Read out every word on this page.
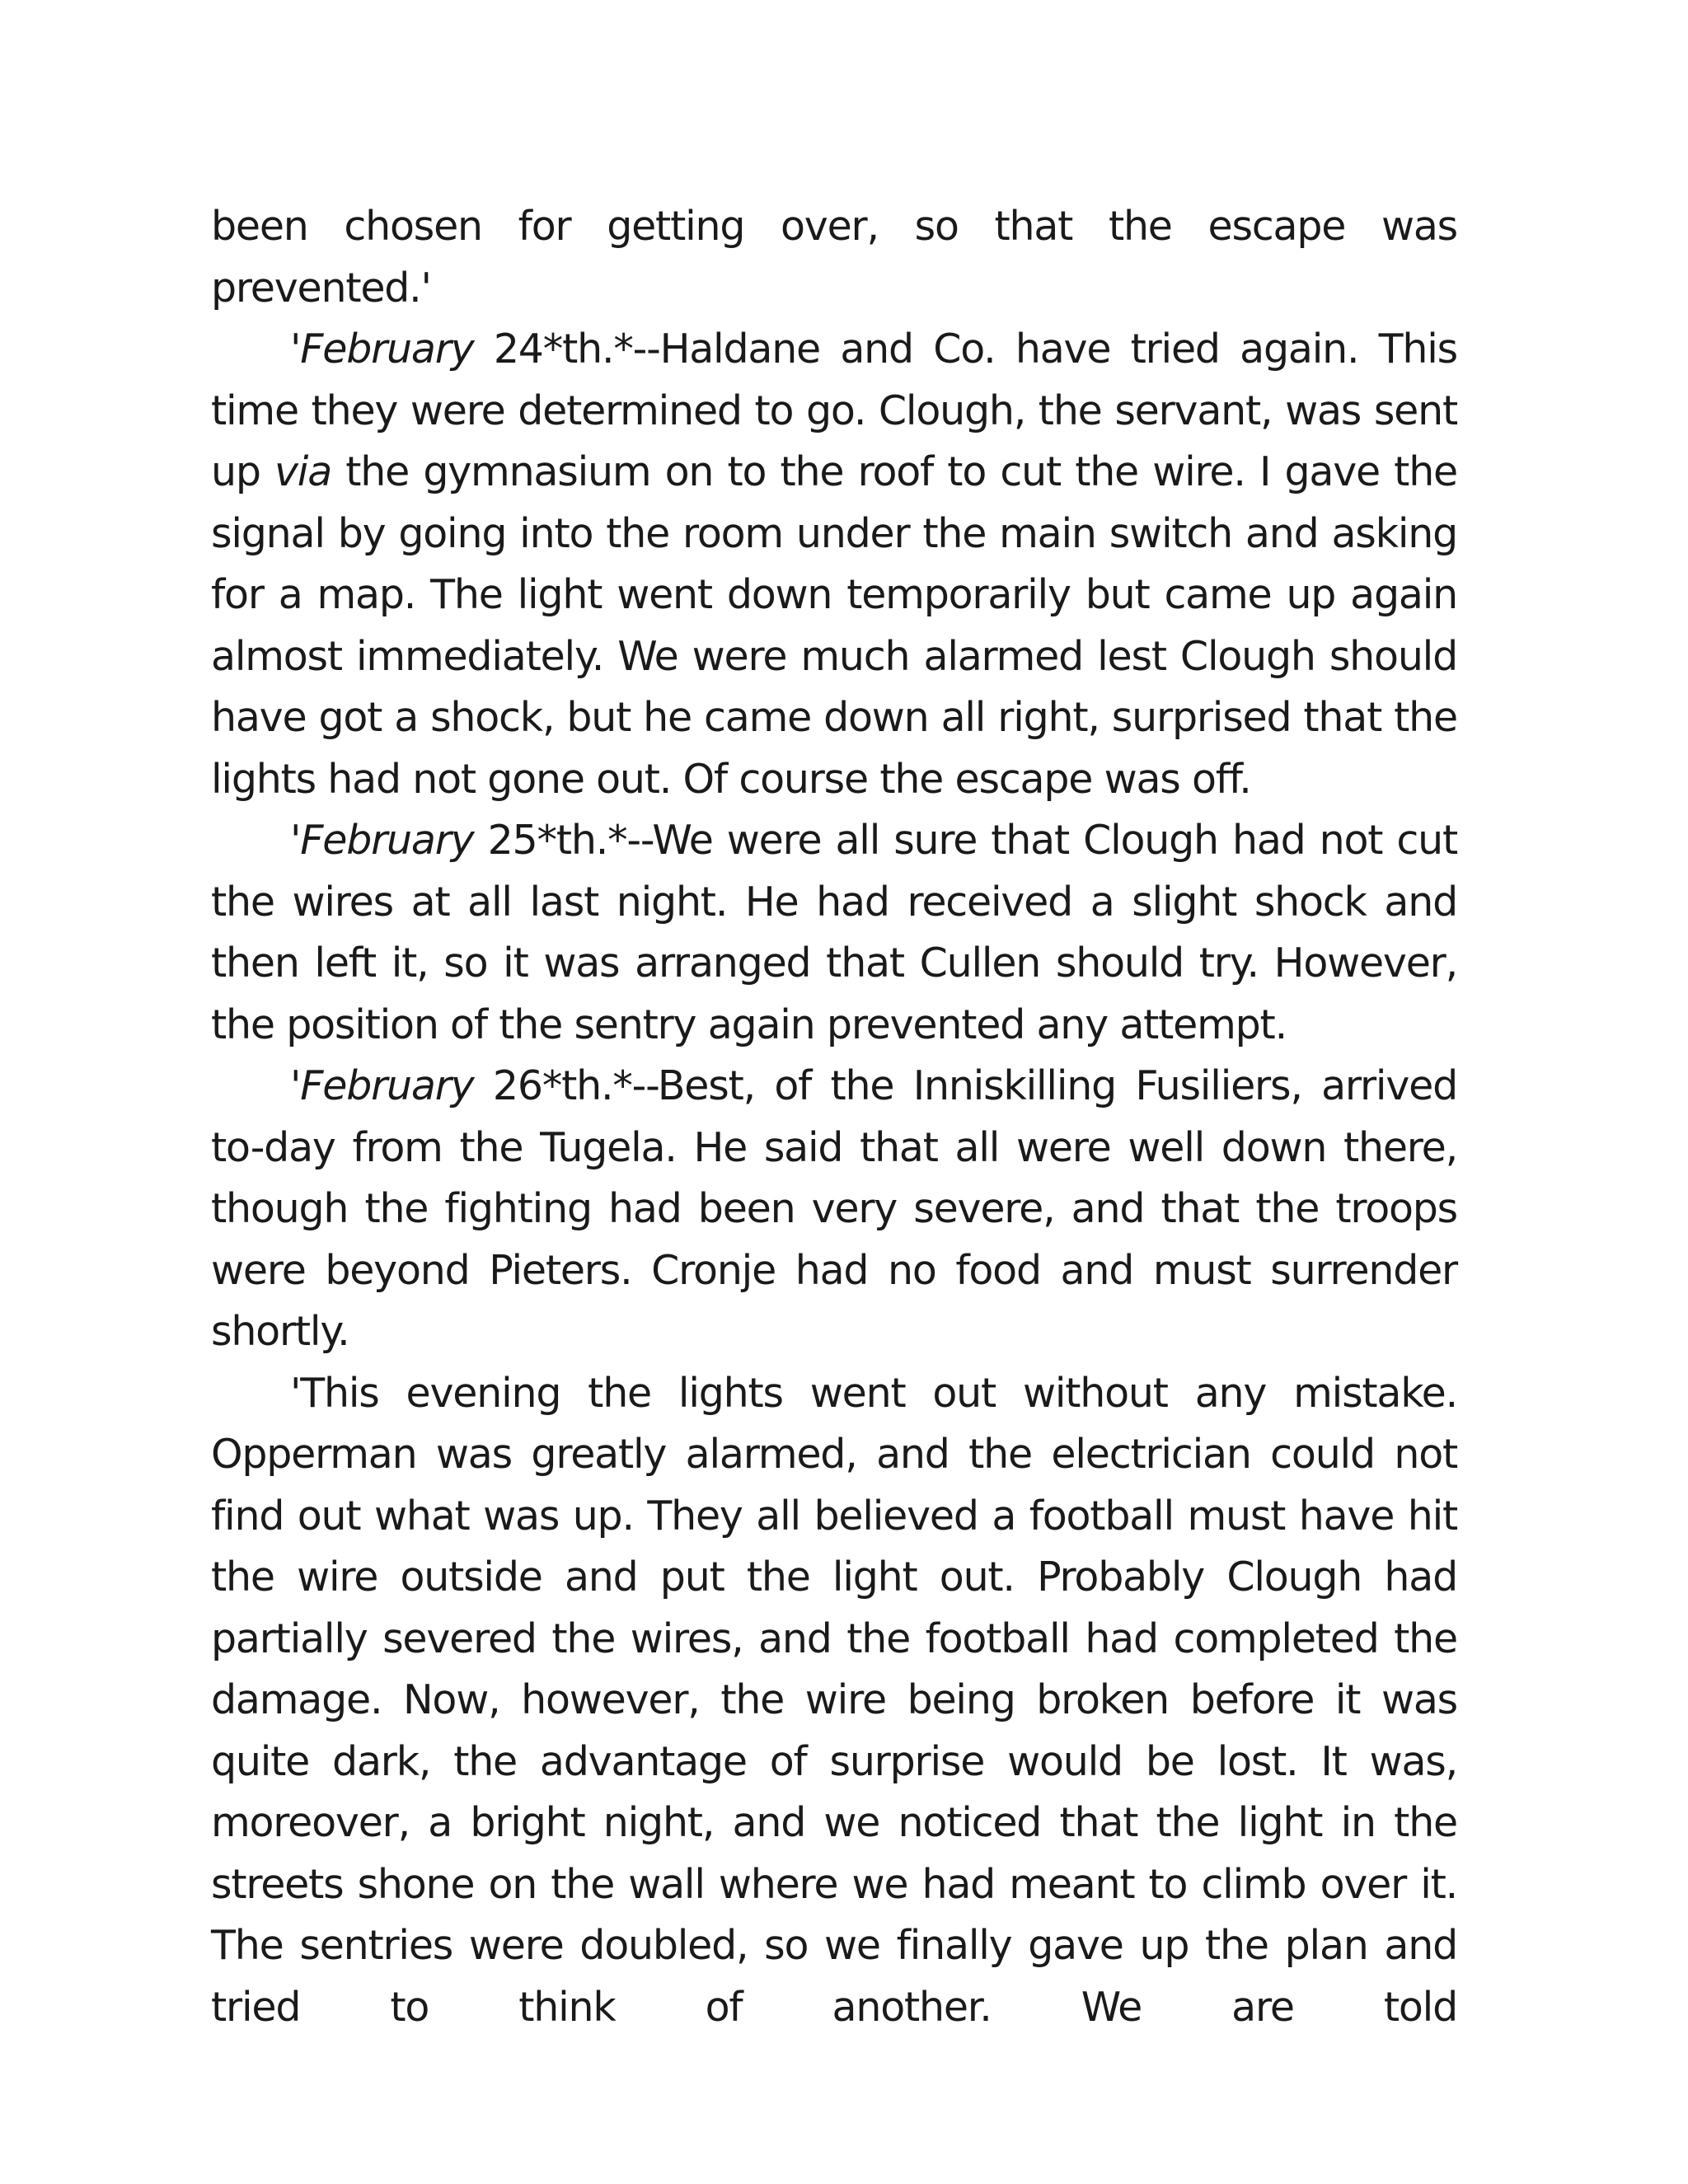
been chosen for getting over, so that the escape was prevented.'

'February 24*th.*--Haldane and Co. have tried again. This time they were determined to go. Clough, the servant, was sent up via the gymnasium on to the roof to cut the wire. I gave the signal by going into the room under the main switch and asking for a map. The light went down temporarily but came up again almost immediately. We were much alarmed lest Clough should have got a shock, but he came down all right, surprised that the lights had not gone out. Of course the escape was off.

'February 25*th.*--We were all sure that Clough had not cut the wires at all last night. He had received a slight shock and then left it, so it was arranged that Cullen should try. However, the position of the sentry again prevented any attempt.

'February 26*th.*--Best, of the Inniskilling Fusiliers, arrived to-day from the Tugela. He said that all were well down there, though the fighting had been very severe, and that the troops were beyond Pieters. Cronje had no food and must surrender shortly.

'This evening the lights went out without any mistake. Opperman was greatly alarmed, and the electrician could not find out what was up. They all believed a football must have hit the wire outside and put the light out. Probably Clough had partially severed the wires, and the football had completed the damage. Now, however, the wire being broken before it was quite dark, the advantage of surprise would be lost. It was, moreover, a bright night, and we noticed that the light in the streets shone on the wall where we had meant to climb over it. The sentries were doubled, so we finally gave up the plan and tried to think of another. We are told
